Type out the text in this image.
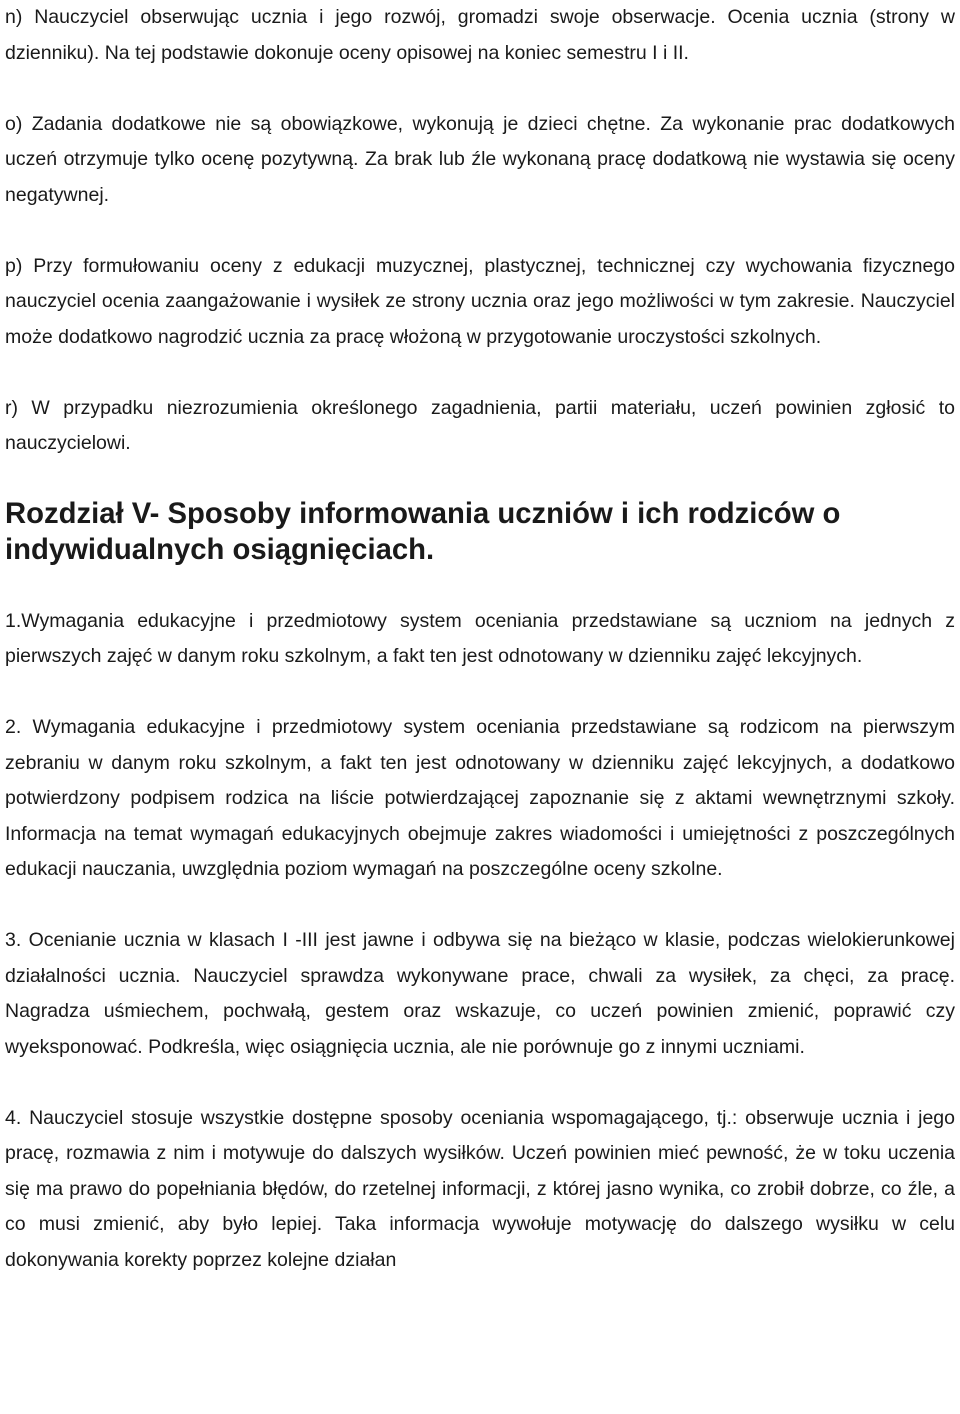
n) Nauczyciel obserwując ucznia i jego rozwój, gromadzi swoje obserwacje. Ocenia ucznia (strony w dzienniku). Na tej podstawie dokonuje oceny opisowej na koniec semestru I i II.

o) Zadania dodatkowe nie są obowiązkowe, wykonują je dzieci chętne. Za wykonanie prac dodatkowych uczeń otrzymuje tylko ocenę pozytywną. Za brak lub źle wykonaną pracę dodatkową nie wystawia się oceny negatywnej.

p) Przy formułowaniu oceny z edukacji muzycznej, plastycznej, technicznej czy wychowania fizycznego nauczyciel ocenia zaangażowanie i wysiłek ze strony ucznia oraz jego możliwości w tym zakresie. Nauczyciel może dodatkowo nagrodzić ucznia za pracę włożoną w przygotowanie uroczystości szkolnych.

r) W przypadku niezrozumienia określonego zagadnienia, partii materiału, uczeń powinien zgłosić to nauczycielowi.

Rozdział V- Sposoby informowania uczniów i ich rodziców o indywidualnych osiągnięciach.

1.Wymagania edukacyjne i przedmiotowy system oceniania przedstawiane są uczniom na jednych z pierwszych zajęć w danym roku szkolnym, a fakt ten jest odnotowany w dzienniku zajęć lekcyjnych.

2. Wymagania edukacyjne i przedmiotowy system oceniania przedstawiane są rodzicom na pierwszym zebraniu w danym roku szkolnym, a fakt ten jest odnotowany w dzienniku zajęć lekcyjnych, a dodatkowo potwierdzony podpisem rodzica na liście potwierdzającej zapoznanie się z aktami wewnętrznymi szkoły. Informacja na temat wymagań edukacyjnych obejmuje zakres wiadomości i umiejętności z poszczególnych edukacji nauczania, uwzględnia poziom wymagań na poszczególne oceny szkolne.

3. Ocenianie ucznia w klasach I -III jest jawne i odbywa się na bieżąco w klasie, podczas wielokierunkowej działalności ucznia. Nauczyciel sprawdza wykonywane prace, chwali za wysiłek, za chęci, za pracę. Nagradza uśmiechem, pochwałą, gestem oraz wskazuje, co uczeń powinien zmienić, poprawić czy wyeksponować. Podkreśla, więc osiągnięcia ucznia, ale nie porównuje go z innymi uczniami.

4. Nauczyciel stosuje wszystkie dostępne sposoby oceniania wspomagającego, tj.: obserwuje ucznia i jego pracę, rozmawia z nim i motywuje do dalszych wysiłków. Uczeń powinien mieć pewność, że w toku uczenia się ma prawo do popełniania błędów, do rzetelnej informacji, z której jasno wynika, co zrobił dobrze, co źle, a co musi zmienić, aby było lepiej. Taka informacja wywołuje motywację do dalszego wysiłku w celu dokonywania korekty poprzez kolejne działan
